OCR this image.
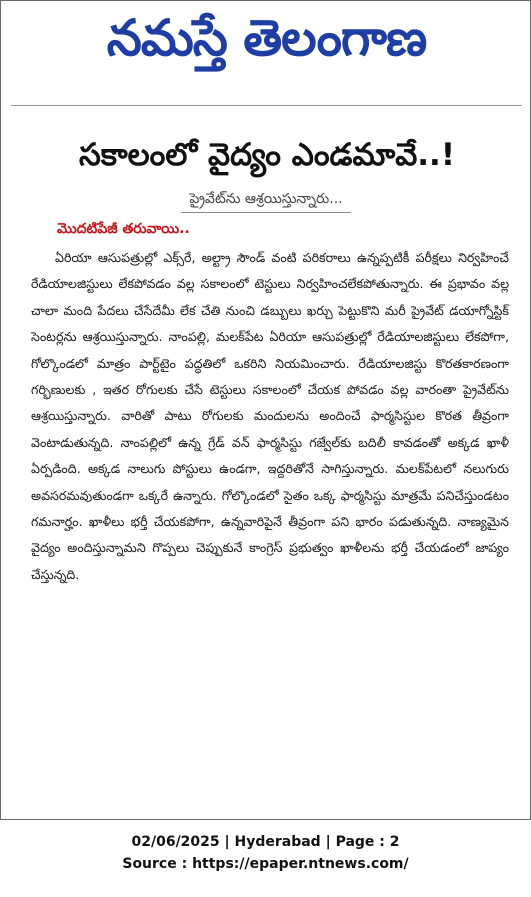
నమస్తే తెలంగాణ
సకాలంలో వైద్యం ఎండమావే..!
ప్రైవేట్‌ను ఆశ్రయిస్తున్నారు...
మొదటిపేజీ తరువాయి..

ఏరియా ఆసుపత్రుల్లో ఎక్స్‌రే, అల్ట్రా సౌండ్ వంటి పరికరాలు ఉన్నప్పటికీ పరీక్షలు నిర్వహించే రేడియాలజిస్టులు లేకపోవడం వల్ల సకాలంలో టెస్టులు నిర్వహించలేకపోతున్నారు. ఈ ప్రభావం వల్ల చాలా మంది పేదలు చేసేదేమీ లేక చేతి నుంచి డబ్బులు ఖర్చు పెట్టుకొని మరీ ప్రైవేట్ డయాగ్నోస్టిక్ సెంటర్లను ఆశ్రయిస్తున్నారు. నాంపల్లి, మలక్‌పేట ఏరియా ఆసుపత్రుల్లో రేడియాలజిస్టులు లేకపోగా, గోల్కొండలో మాత్రం పార్ట్‌టైం పద్ధతిలో ఒకరిని నియమించారు. రేడియాలజిస్టు కొరతకారణంగా గర్భిణులకు , ఇతర రోగులకు చేసే టెస్టులు సకాలంలో చేయక పోవడం వల్ల వారంతా ప్రైవేట్‌ను ఆశ్రయిస్తున్నారు. వారితో పాటు రోగులకు మందులను అందించే ఫార్మసిస్టుల కొరత తీవ్రంగా వెంటాడుతున్నది. నాంపల్లిలో ఉన్న గ్రేడ్ వన్ ఫార్మసిస్టు గజ్వేల్‌కు బదిలీ కావడంతో అక్కడ ఖాళీ ఏర్పడింది. అక్కడ నాలుగు పోస్టులు ఉండగా, ఇద్దరితోనే సాగిస్తున్నారు. మలక్‌పేటలో నలుగురు అవసరమవుతుండగా ఒక్కరే ఉన్నారు. గోల్కొండలో సైతం ఒక్క ఫార్మసిస్టు మాత్రమే పనిచేస్తుండటం గమనార్హం. ఖాళీలు భర్తీ చేయకపోగా, ఉన్నవారిపైనే తీవ్రంగా పని భారం పడుతున్నది. నాణ్యమైన వైద్యం అందిస్తున్నామని గొప్పలు చెప్పుకునే కాంగ్రెస్ ప్రభుత్వం ఖాళీలను భర్తీ చేయడంలో జాప్యం చేస్తున్నది.

02/06/2025 | Hyderabad | Page : 2
Source : https://epaper.ntnews.com/
